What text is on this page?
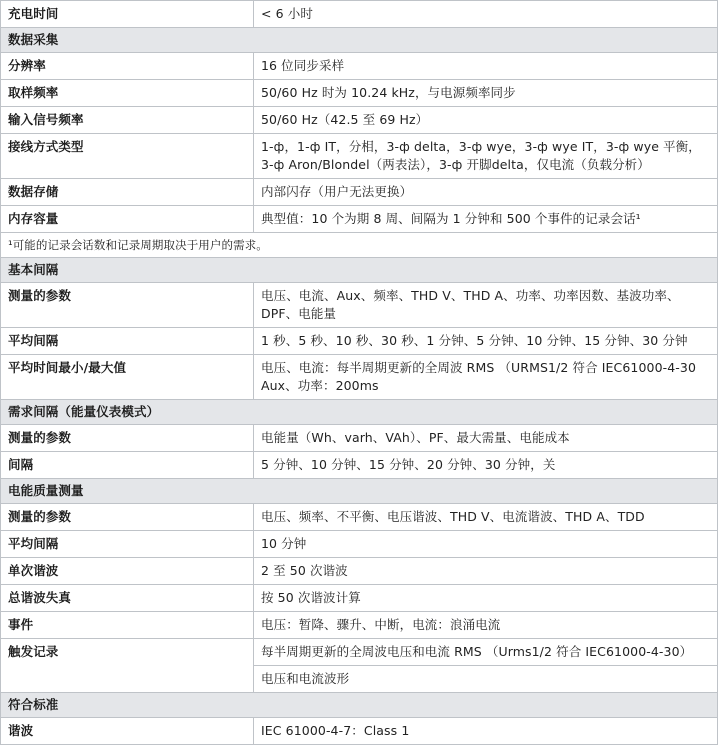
充电时间	< 6 小时
数据采集	
分辨率	16 位同步采样
取样频率	50/60 Hz 时为 10.24 kHz，与电源频率同步
输入信号频率	50/60 Hz（42.5 至 69 Hz）
接线方式类型	1-ф，1-ф IT，分相，3-ф delta，3-ф wye，3-ф wye IT，3-ф wye 平衡，3-ф Aron/Blondel（两表法），3-ф 开脚delta，仅电流（负载分析）
数据存储	内部闪存（用户无法更换）
内存容量	典型值：10 个为期 8 周、间隔为 1 分钟和 500 个事件的记录会话¹
¹可能的记录会话数和记录周期取决于用户的需求。	
基本间隔	
测量的参数	电压、电流、Aux、频率、THD V、THD A、功率、功率因数、基波功率、DPF、电能量
平均间隔	1 秒、5 秒、10 秒、30 秒、1 分钟、5 分钟、10 分钟、15 分钟、30 分钟
平均时间最小/最大值	电压、电流：每半周期更新的全周波 RMS （URMS1/2 符合 IEC61000-4-30 Aux、功率：200ms
需求间隔（能量仪表模式）	
测量的参数	电能量（Wh、varh、VAh）、PF、最大需量、电能成本
间隔	5 分钟、10 分钟、15 分钟、20 分钟、30 分钟，关
电能质量测量	
测量的参数	电压、频率、不平衡、电压谐波、THD V、电流谐波、THD A、TDD
平均间隔	10 分钟
单次谐波	2 至 50 次谐波
总谐波失真	按 50 次谐波计算
事件	电压：暂降、骤升、中断，电流：浪涌电流
触发记录	每半周期更新的全周波电压和电流 RMS （Urms1/2 符合 IEC61000-4-30）
	电压和电流波形
符合标准	
谐波	IEC 61000-4-7：Class 1
